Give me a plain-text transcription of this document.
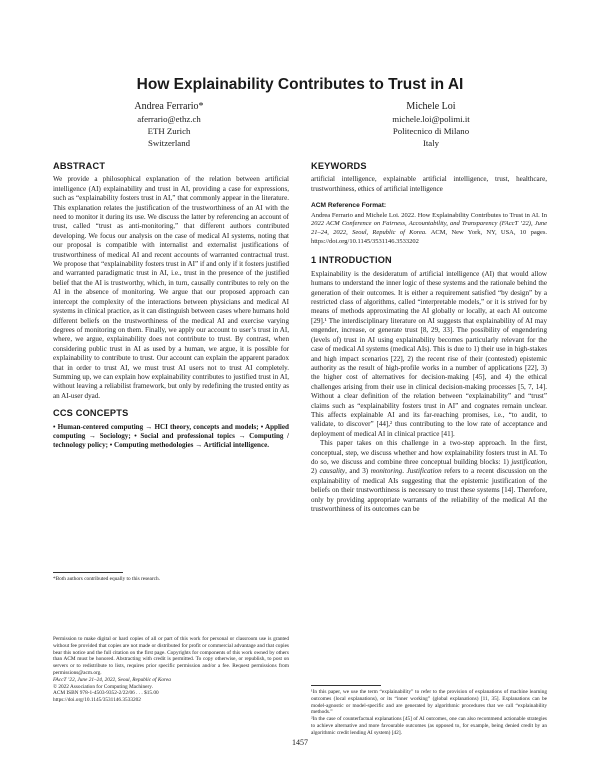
How Explainability Contributes to Trust in AI
Andrea Ferrario*
aferrario@ethz.ch
ETH Zurich
Switzerland
Michele Loi
michele.loi@polimi.it
Politecnico di Milano
Italy
ABSTRACT

We provide a philosophical explanation of the relation between artificial intelligence (AI) explainability and trust in AI, providing a case for expressions, such as “explainability fosters trust in AI,” that commonly appear in the literature. This explanation relates the justification of the trustworthiness of an AI with the need to monitor it during its use. We discuss the latter by referencing an account of trust, called “trust as anti-monitoring,” that different authors contributed developing. We focus our analysis on the case of medical AI systems, noting that our proposal is compatible with internalist and externalist justifications of trustworthiness of medical AI and recent accounts of warranted contractual trust. We propose that “explainability fosters trust in AI” if and only if it fosters justified and warranted paradigmatic trust in AI, i.e., trust in the presence of the justified belief that the AI is trustworthy, which, in turn, causally contributes to rely on the AI in the absence of monitoring. We argue that our proposed approach can intercept the complexity of the interactions between physicians and medical AI systems in clinical practice, as it can distinguish between cases where humans hold different beliefs on the trustworthiness of the medical AI and exercise varying degrees of monitoring on them. Finally, we apply our account to user’s trust in AI, where, we argue, explainability does not contribute to trust. By contrast, when considering public trust in AI as used by a human, we argue, it is possible for explainability to contribute to trust. Our account can explain the apparent paradox that in order to trust AI, we must trust AI users not to trust AI completely. Summing up, we can explain how explainability contributes to justified trust in AI, without leaving a reliabilist framework, but only by redefining the trusted entity as an AI-user dyad.

CCS CONCEPTS

• Human-centered computing → HCI theory, concepts and models; • Applied computing → Sociology; • Social and professional topics → Computing / technology policy; • Computing methodologies → Artificial intelligence.

*Both authors contributed equally to this research.

Permission to make digital or hard copies of all or part of this work for personal or classroom use is granted without fee provided that copies are not made or distributed for profit or commercial advantage and that copies bear this notice and the full citation on the first page. Copyrights for components of this work owned by others than ACM must be honored. Abstracting with credit is permitted. To copy otherwise, or republish, to post on servers or to redistribute to lists, requires prior specific permission and/or a fee. Request permissions from permissions@acm.org.

FAccT ’22, June 21–24, 2022, Seoul, Republic of Korea
© 2022 Association for Computing Machinery.
ACM ISBN 978-1-4503-9352-2/22/06 . . . $15.00
https://doi.org/10.1145/3531146.3533202
KEYWORDS

artificial intelligence, explainable artificial intelligence, trust, healthcare, trustworthiness, ethics of artificial intelligence

ACM Reference Format:

Andrea Ferrario and Michele Loi. 2022. How Explainability Contributes to Trust in AI. In 2022 ACM Conference on Fairness, Accountability, and Transparency (FAccT ’22), June 21–24, 2022, Seoul, Republic of Korea. ACM, New York, NY, USA, 10 pages. https://doi.org/10.1145/3531146.3533202

1 INTRODUCTION

Explainability is the desideratum of artificial intelligence (AI) that would allow humans to understand the inner logic of these systems and the rationale behind the generation of their outcomes. It is either a requirement satisfied “by design” by a restricted class of algorithms, called “interpretable models,” or it is strived for by means of methods approximating the AI globally or locally, at each AI outcome [29].¹ The interdisciplinary literature on AI suggests that explainability of AI may engender, increase, or generate trust [8, 29, 33]. The possibility of engendering (levels of) trust in AI using explainability becomes particularly relevant for the case of medical AI systems (medical AIs). This is due to 1) their use in high-stakes and high impact scenarios [22], 2) the recent rise of their (contested) epistemic authority as the result of high-profile works in a number of applications [22], 3) the higher cost of alternatives for decision-making [45], and 4) the ethical challenges arising from their use in clinical decision-making processes [5, 7, 14]. Without a clear definition of the relation between “explainability” and “trust” claims such as “explainability fosters trust in AI” and cognates remain unclear. This affects explainable AI and its far-reaching promises, i.e., “to audit, to validate, to discover” [44],² thus contributing to the low rate of acceptance and deployment of medical AI in clinical practice [41].

This paper takes on this challenge in a two-step approach. In the first, conceptual, step, we discuss whether and how explainability fosters trust in AI. To do so, we discuss and combine three conceptual building blocks: 1) justification, 2) causality, and 3) monitoring. Justification refers to a recent discussion on the explainability of medical AIs suggesting that the epistemic justification of the beliefs on their trustworthiness is necessary to trust these systems [14]. Therefore, only by providing appropriate warrants of the reliability of the medical AI the trustworthiness of its outcomes can be

¹In this paper, we use the term “explainability” to refer to the provision of explanations of machine learning outcomes (local explanations), or its “inner working” (global explanations) [11, 35]. Explanations can be model-agnostic or model-specific and are generated by algorithmic procedures that we call “explainability methods.”

²In the case of counterfactual explanations [45] of AI outcomes, one can also recommend actionable strategies to achieve alternative and more favourable outcomes (as opposed to, for example, being denied credit by an algorithmic credit lending AI system) [42].

1457
